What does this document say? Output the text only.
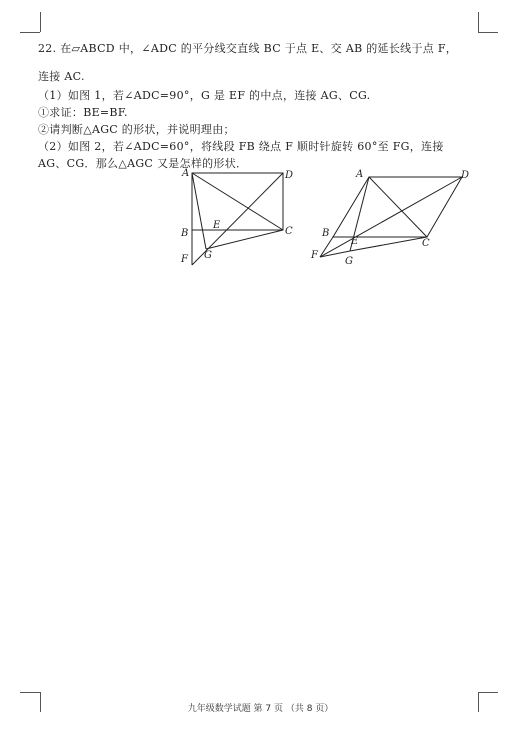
22. 在▱ABCD 中，∠ADC 的平分线交直线 BC 于点 E、交 AB 的延长线于点 F，
连接 AC.
（1）如图 1，若∠ADC=90°，G 是 EF 的中点，连接 AG、CG.
①求证：BE=BF.
②请判断△AGC 的形状，并说明理由；
（2）如图 2，若∠ADC=60°，将线段 FB 绕点 F 顺时针旋转 60°至 FG，连接
AG、CG．那么△AGC 又是怎样的形状．
A	D
B
E
C
F G
A	D
B
E	C
F
G
九年级数学试题 第 7 页 （共 8 页）
